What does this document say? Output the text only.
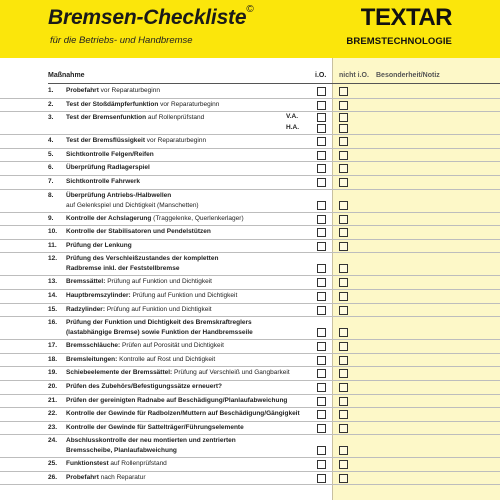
Bremsen-Checkliste©
für die Betriebs- und Handbremse
TEXTAR
BREMSTECHNOLOGIE
Maßnahme	i.O. nicht i.O. Besonderheit/Notiz
1.	Probefahrt vor Reparaturbeginn
2.	Test der Stoßdämpferfunktion vor Reparaturbeginn
3.	Test der Bremsenfunktion auf Rollenprüfstand	V.A.
H.A.
4.	Test der Bremsflüssigkeit vor Reparaturbeginn
5.	Sichtkontrolle Felgen/Reifen
6.	Überprüfung Radlagerspiel
7.	Sichtkontrolle Fahrwerk
8.	Überprüfung Antriebs-/Halbwellen
auf Gelenkspiel und Dichtigkeit (Manschetten)
9.	Kontrolle der Achslagerung (Traggelenke, Querlenkerlager)
10.	Kontrolle der Stabilisatoren und Pendelstützen
11.	Prüfung der Lenkung
12.	Prüfung des Verschleißzustandes der kompletten
Radbremse inkl. der Feststellbremse
13.	Bremssättel: Prüfung auf Funktion und Dichtigkeit
14.	Hauptbremszylinder: Prüfung auf Funktion und Dichtigkeit
15.	Radzylinder: Prüfung auf Funktion und Dichtigkeit
16.	Prüfung der Funktion und Dichtigkeit des Bremskraftreglers
(lastabhängige Bremse) sowie Funktion der Handbremsseile
17.	Bremsschläuche: Prüfen auf Porosität und Dichtigkeit
18.	Bremsleitungen: Kontrolle auf Rost und Dichtigkeit
19.	Schiebeelemente der Bremssättel: Prüfung auf Verschleiß und Gangbarkeit
20.	Prüfen des Zubehörs/Befestigungssätze erneuert?
21.	Prüfen der gereinigten Radnabe auf Beschädigung/Planlaufabweichung
22.	Kontrolle der Gewinde für Radbolzen/Muttern auf Beschädigung/Gängigkeit
23.	Kontrolle der Gewinde für Sattelträger/Führungselemente
24.	Abschlusskontrolle der neu montierten und zentrierten
Bremsscheibe, Planlaufabweichung
25.	Funktionstest auf Rollenprüfstand
26.	Probefahrt nach Reparatur
